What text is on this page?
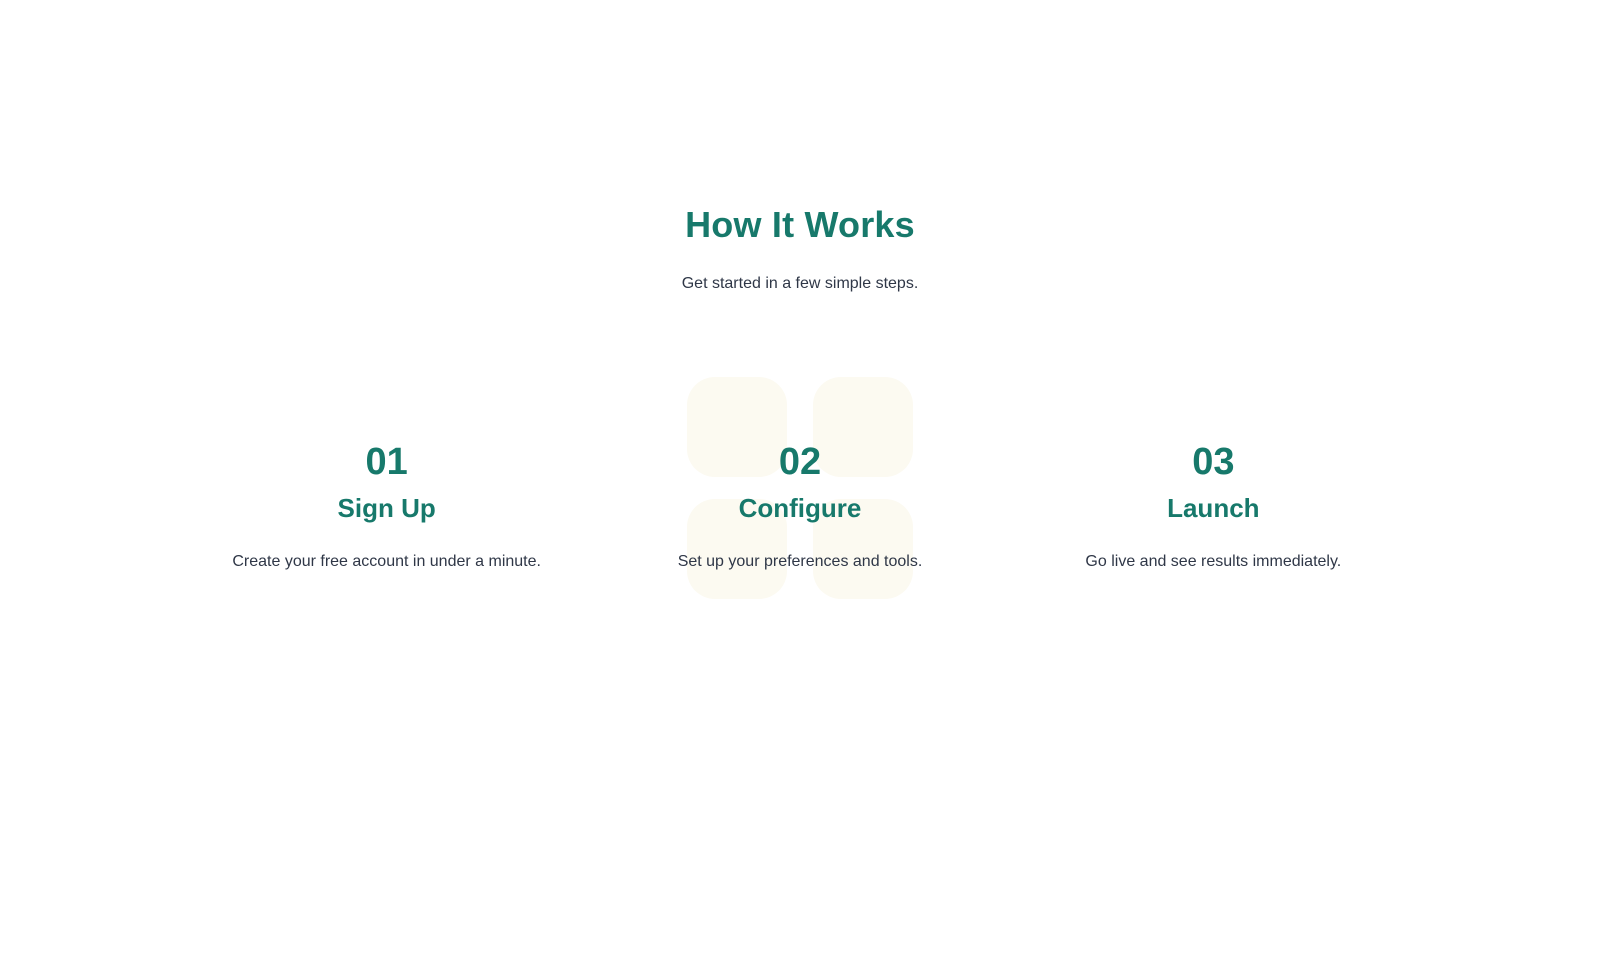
How It Works

Get started in a few simple steps.

01
Sign Up
Create your free account in under a minute.
02
Configure
Set up your preferences and tools.
03
Launch
Go live and see results immediately.
